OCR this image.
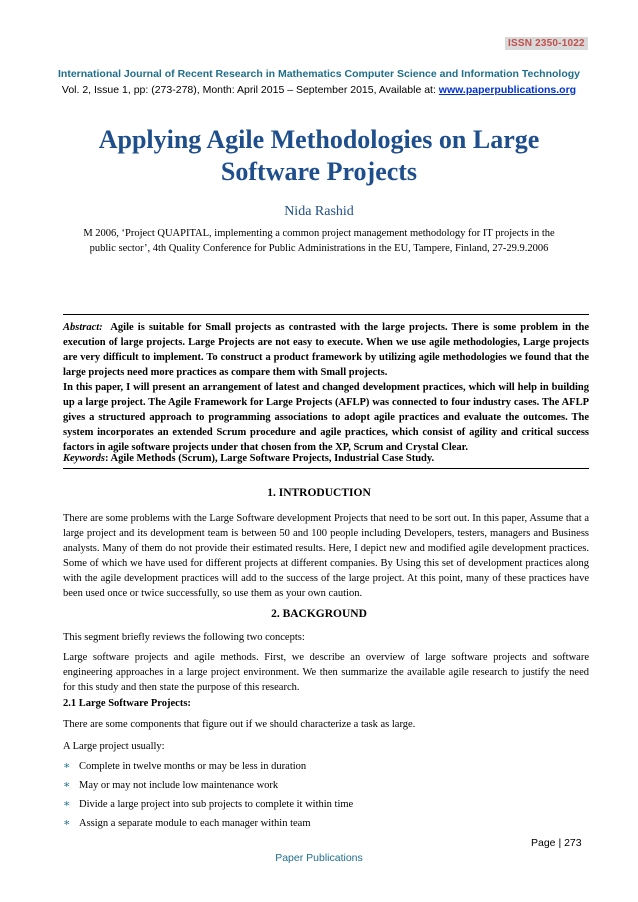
ISSN 2350-1022
International Journal of Recent Research in Mathematics Computer Science and Information Technology
Vol. 2, Issue 1, pp: (273-278), Month: April 2015 – September 2015, Available at: www.paperpublications.org
Applying Agile Methodologies on Large
Software Projects
Nida Rashid
M 2006, ‘Project QUAPITAL, implementing a common project management methodology for IT projects in the public sector’, 4th Quality Conference for Public Administrations in the EU, Tampere, Finland, 27-29.9.2006

Abstract: Agile is suitable for Small projects as contrasted with the large projects. There is some problem in the execution of large projects. Large Projects are not easy to execute. When we use agile methodologies, Large projects are very difficult to implement. To construct a product framework by utilizing agile methodologies we found that the large projects need more practices as compare them with Small projects.

In this paper, I will present an arrangement of latest and changed development practices, which will help in building up a large project. The Agile Framework for Large Projects (AFLP) was connected to four industry cases. The AFLP gives a structured approach to programming associations to adopt agile practices and evaluate the outcomes. The system incorporates an extended Scrum procedure and agile practices, which consist of agility and critical success factors in agile software projects under that chosen from the XP, Scrum and Crystal Clear.

Keywords: Agile Methods (Scrum), Large Software Projects, Industrial Case Study.
1. INTRODUCTION

There are some problems with the Large Software development Projects that need to be sort out. In this paper, Assume that a large project and its development team is between 50 and 100 people including Developers, testers, managers and Business analysts. Many of them do not provide their estimated results. Here, I depict new and modified agile development practices. Some of which we have used for different projects at different companies. By Using this set of development practices along with the agile development practices will add to the success of the large project. At this point, many of these practices have been used once or twice successfully, so use them as your own caution.

2. BACKGROUND

This segment briefly reviews the following two concepts:

Large software projects and agile methods. First, we describe an overview of large software projects and software engineering approaches in a large project environment. We then summarize the available agile research to justify the need for this study and then state the purpose of this research.

2.1 Large Software Projects:

There are some components that figure out if we should characterize a task as large.

A Large project usually:

∗ Complete in twelve months or may be less in duration
∗ May or may not include low maintenance work
∗ Divide a large project into sub projects to complete it within time
∗ Assign a separate module to each manager within team
Page | 273
Paper Publications
